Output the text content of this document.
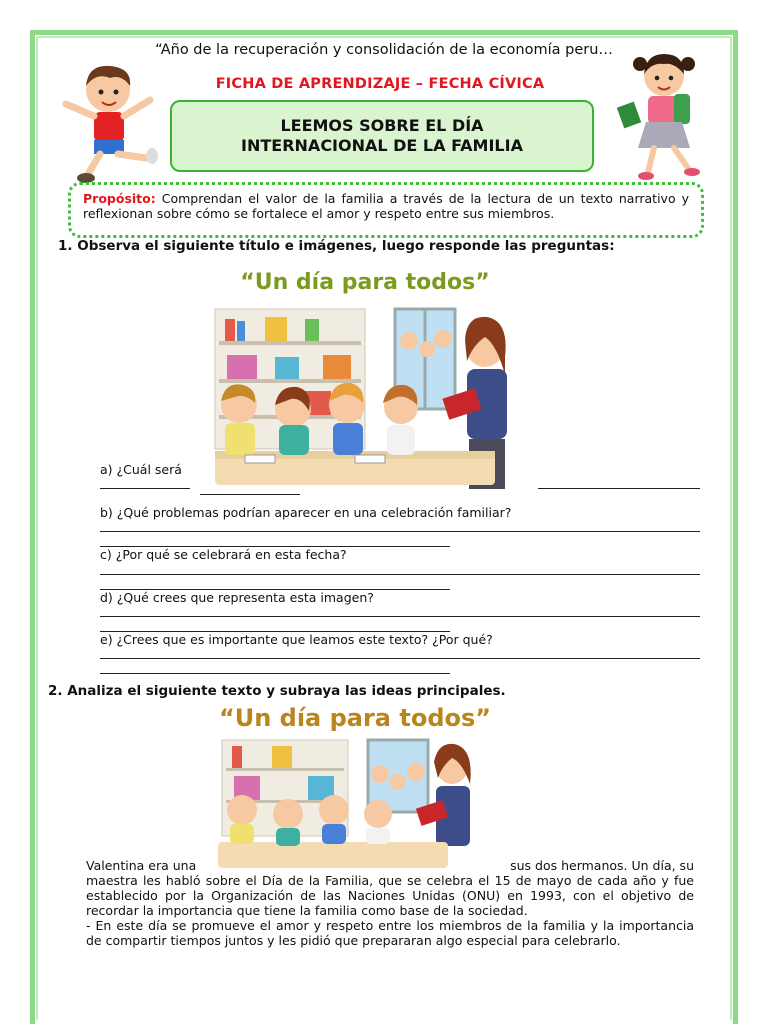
“Año de la recuperación y consolidación de la economía peru…
FICHA DE APRENDIZAJE – FECHA CÍVICA
LEEMOS SOBRE EL DÍA
INTERNACIONAL DE LA FAMILIA
Propósito: Comprendan el valor de la familia a través de la lectura de un texto narrativo y reflexionan sobre cómo se fortalece el amor y respeto entre sus miembros.
1. Observa el siguiente título e imágenes, luego responde las preguntas:
“Un día para todos”
a) ¿Cuál será
b) ¿Qué problemas podrían aparecer en una celebración familiar?
c) ¿Por qué se celebrará en esta fecha?
d) ¿Qué crees que representa esta imagen?
e) ¿Crees que es importante que leamos este texto? ¿Por qué?
2. Analiza el siguiente texto y subraya las ideas principales.
“Un día para todos”
Valentina era una	sus dos hermanos. Un día, su
maestra les habló sobre el Día de la Familia, que se celebra el 15 de mayo de cada año y fue establecido por la Organización de las Naciones Unidas (ONU) en 1993, con el objetivo de recordar la importancia que tiene la familia como base de la sociedad.
- En este día se promueve el amor y respeto entre los miembros de la familia y la importancia de compartir tiempos juntos y les pidió que prepararan algo especial para celebrarlo.
